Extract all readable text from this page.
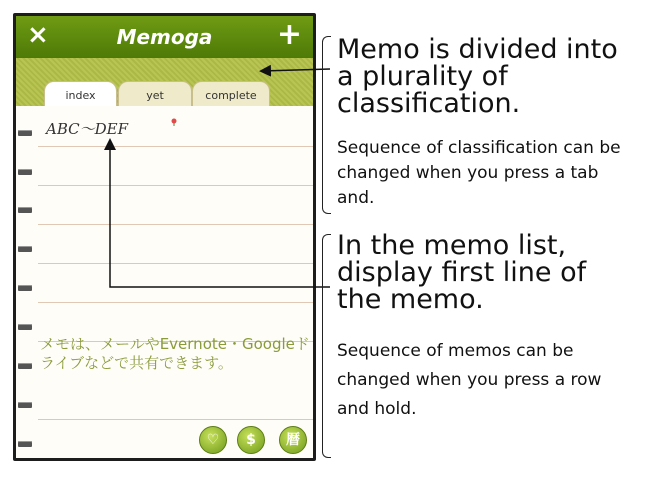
×	Memoga	+
index	yet	complete
ABC～DEF
メモは、メールやEvernote・Googleドライブなどで共有できます。
♡	$	暦
Memo is divided into a plurality of classification.
Sequence of classification can be changed when you press a tab and.
In the memo list, display first line of the memo.
Sequence of memos can be changed when you press a row and hold.
